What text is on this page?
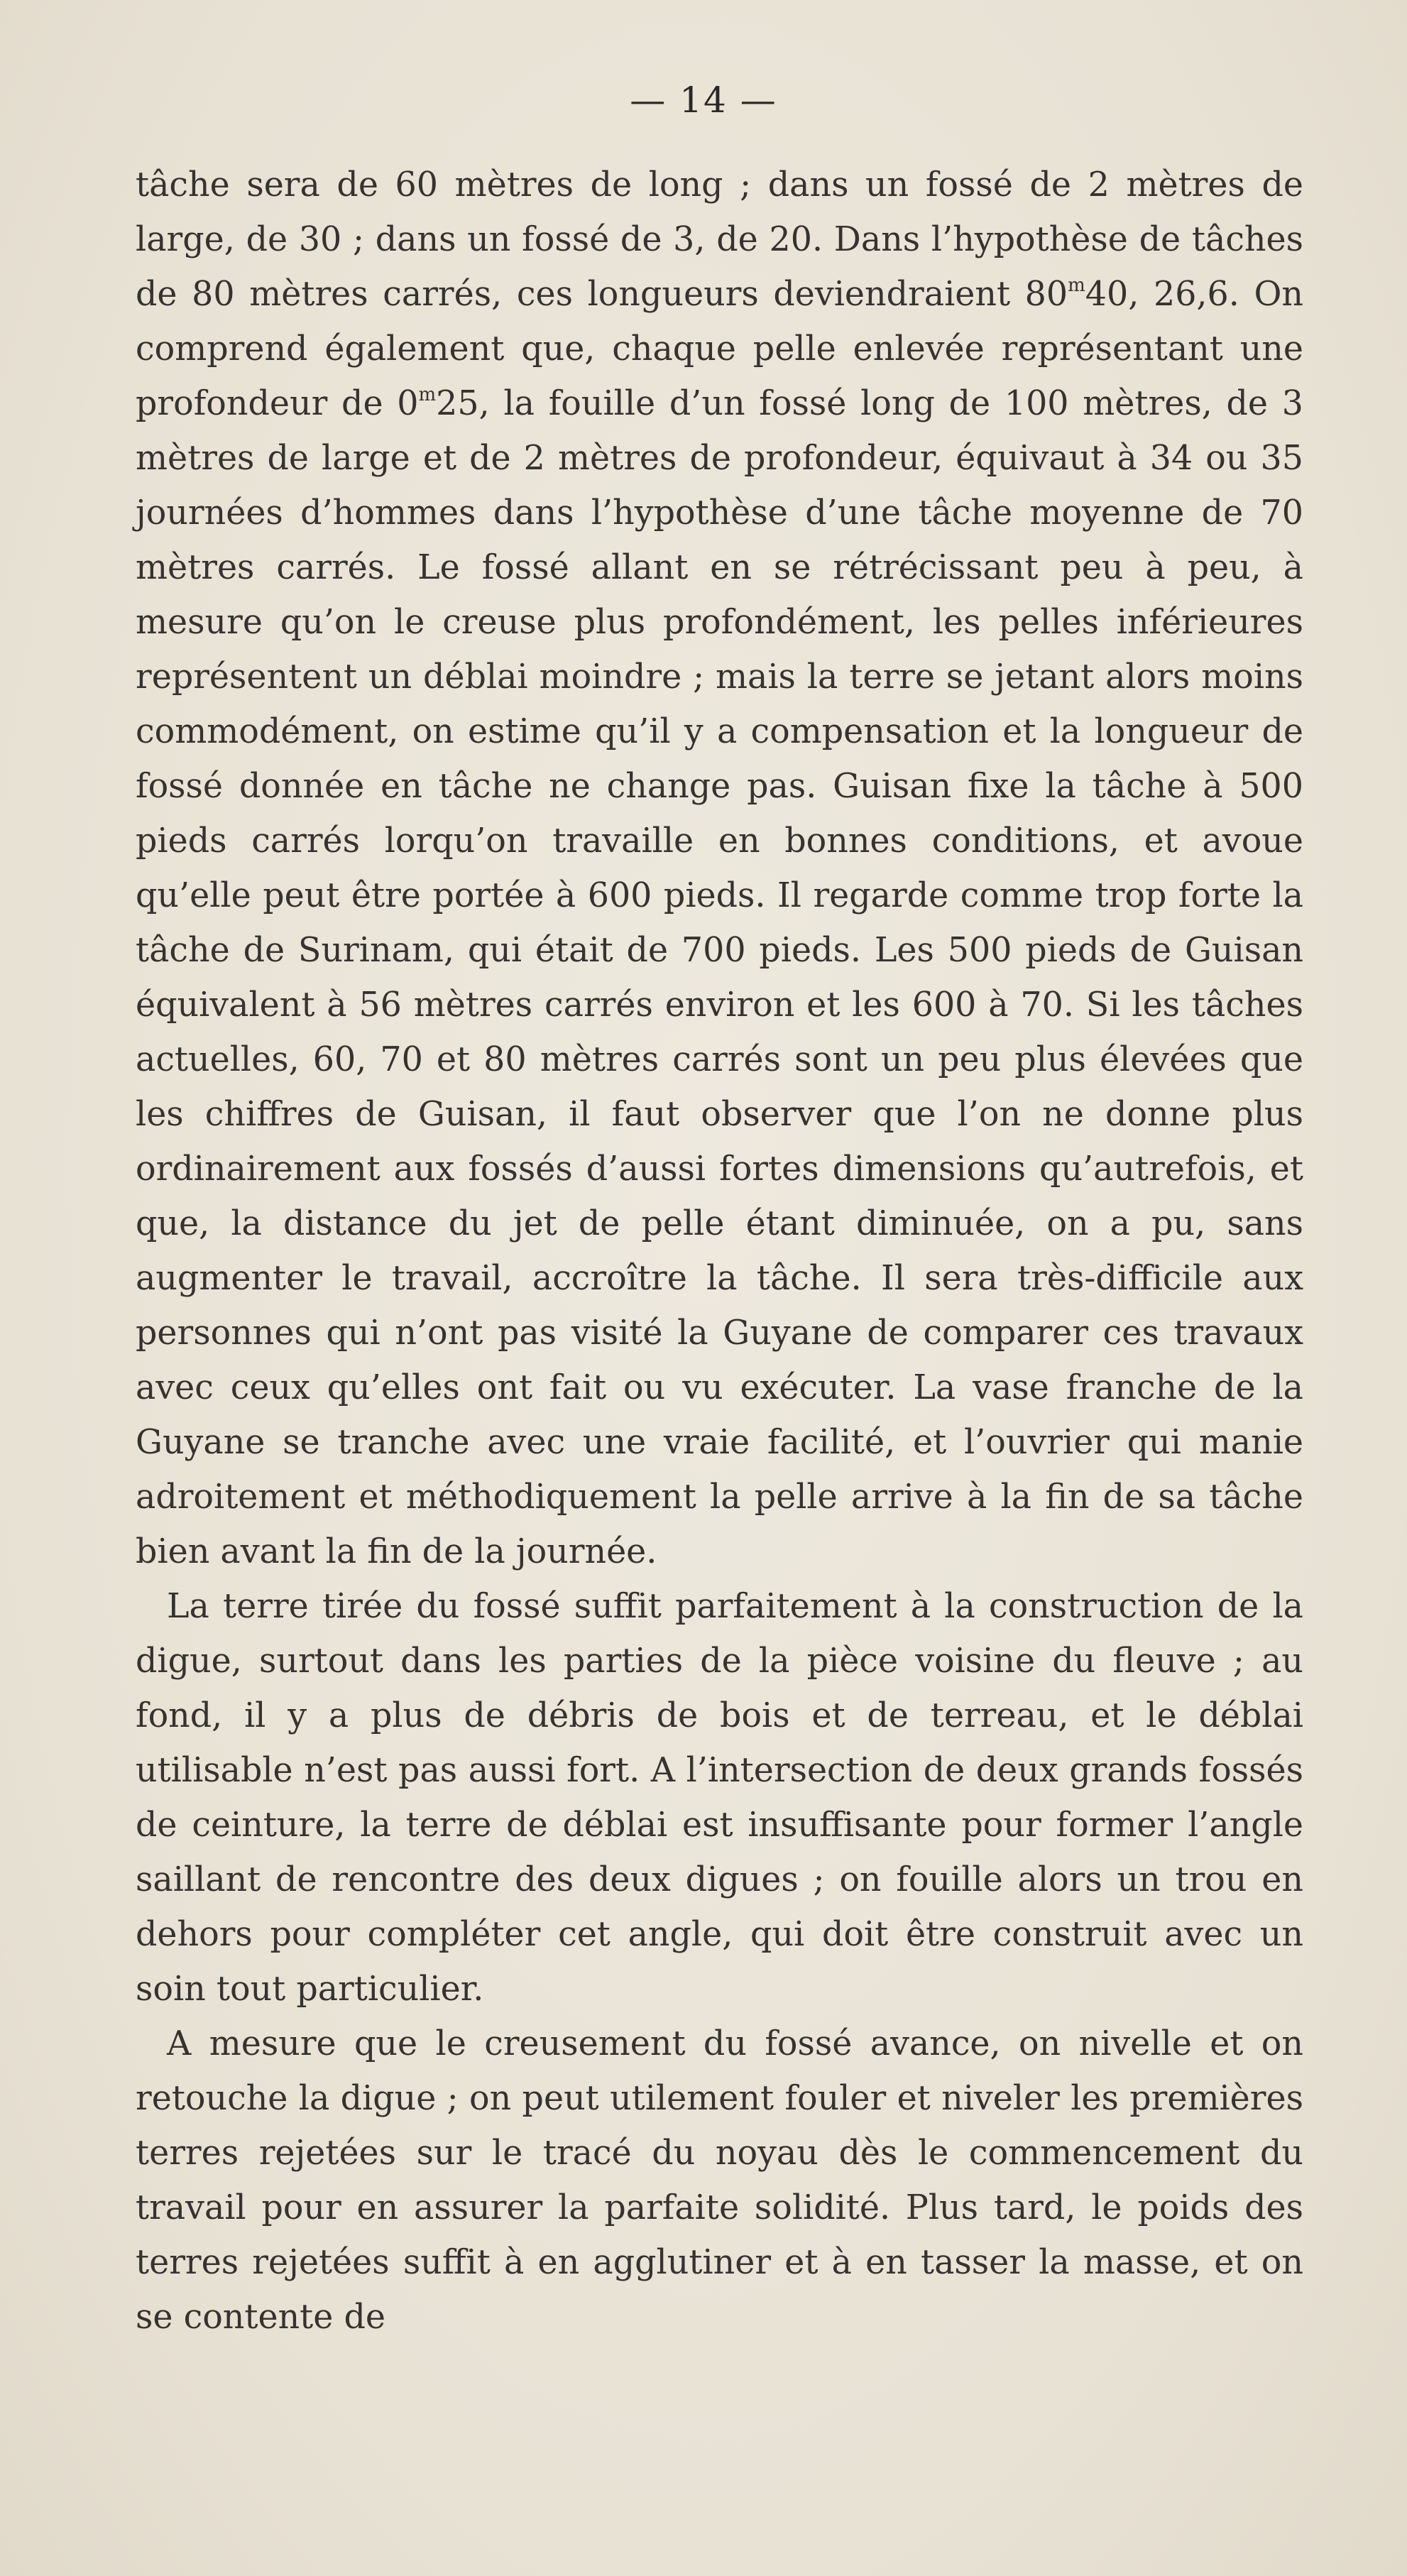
— 14 —

tâche sera de 60 mètres de long ; dans un fossé de 2 mètres de large, de 30 ; dans un fossé de 3, de 20. Dans l’hypothèse de tâches de 80 mètres carrés, ces longueurs deviendraient 80$^m$40, 26,6. On comprend également que, chaque pelle enlevée représentant une profondeur de 0$^m$25, la fouille d’un fossé long de 100 mètres, de 3 mètres de large et de 2 mètres de profondeur, équivaut à 34 ou 35 journées d’hommes dans l’hypothèse d’une tâche moyenne de 70 mètres carrés. Le fossé allant en se rétrécissant peu à peu, à mesure qu’on le creuse plus profondément, les pelles inférieures représentent un déblai moindre ; mais la terre se jetant alors moins commodément, on estime qu’il y a compensation et la longueur de fossé donnée en tâche ne change pas. Guisan fixe la tâche à 500 pieds carrés lorqu’on travaille en bonnes conditions, et avoue qu’elle peut être portée à 600 pieds. Il regarde comme trop forte la tâche de Surinam, qui était de 700 pieds. Les 500 pieds de Guisan équivalent à 56 mètres carrés environ et les 600 à 70. Si les tâches actuelles, 60, 70 et 80 mètres carrés sont un peu plus élevées que les chiffres de Guisan, il faut observer que l’on ne donne plus ordinairement aux fossés d’aussi fortes dimensions qu’autrefois, et que, la distance du jet de pelle étant diminuée, on a pu, sans augmenter le travail, accroître la tâche. Il sera très-difficile aux personnes qui n’ont pas visité la Guyane de comparer ces travaux avec ceux qu’elles ont fait ou vu exécuter. La vase franche de la Guyane se tranche avec une vraie facilité, et l’ouvrier qui manie adroitement et méthodiquement la pelle arrive à la fin de sa tâche bien avant la fin de la journée.

La terre tirée du fossé suffit parfaitement à la construction de la digue, surtout dans les parties de la pièce voisine du fleuve ; au fond, il y a plus de débris de bois et de terreau, et le déblai utilisable n’est pas aussi fort. A l’intersection de deux grands fossés de ceinture, la terre de déblai est insuffisante pour former l’angle saillant de rencontre des deux digues ; on fouille alors un trou en dehors pour compléter cet angle, qui doit être construit avec un soin tout particulier.

A mesure que le creusement du fossé avance, on nivelle et on retouche la digue ; on peut utilement fouler et niveler les premières terres rejetées sur le tracé du noyau dès le commencement du travail pour en assurer la parfaite solidité. Plus tard, le poids des terres rejetées suffit à en agglutiner et à en tasser la masse, et on se contente de
